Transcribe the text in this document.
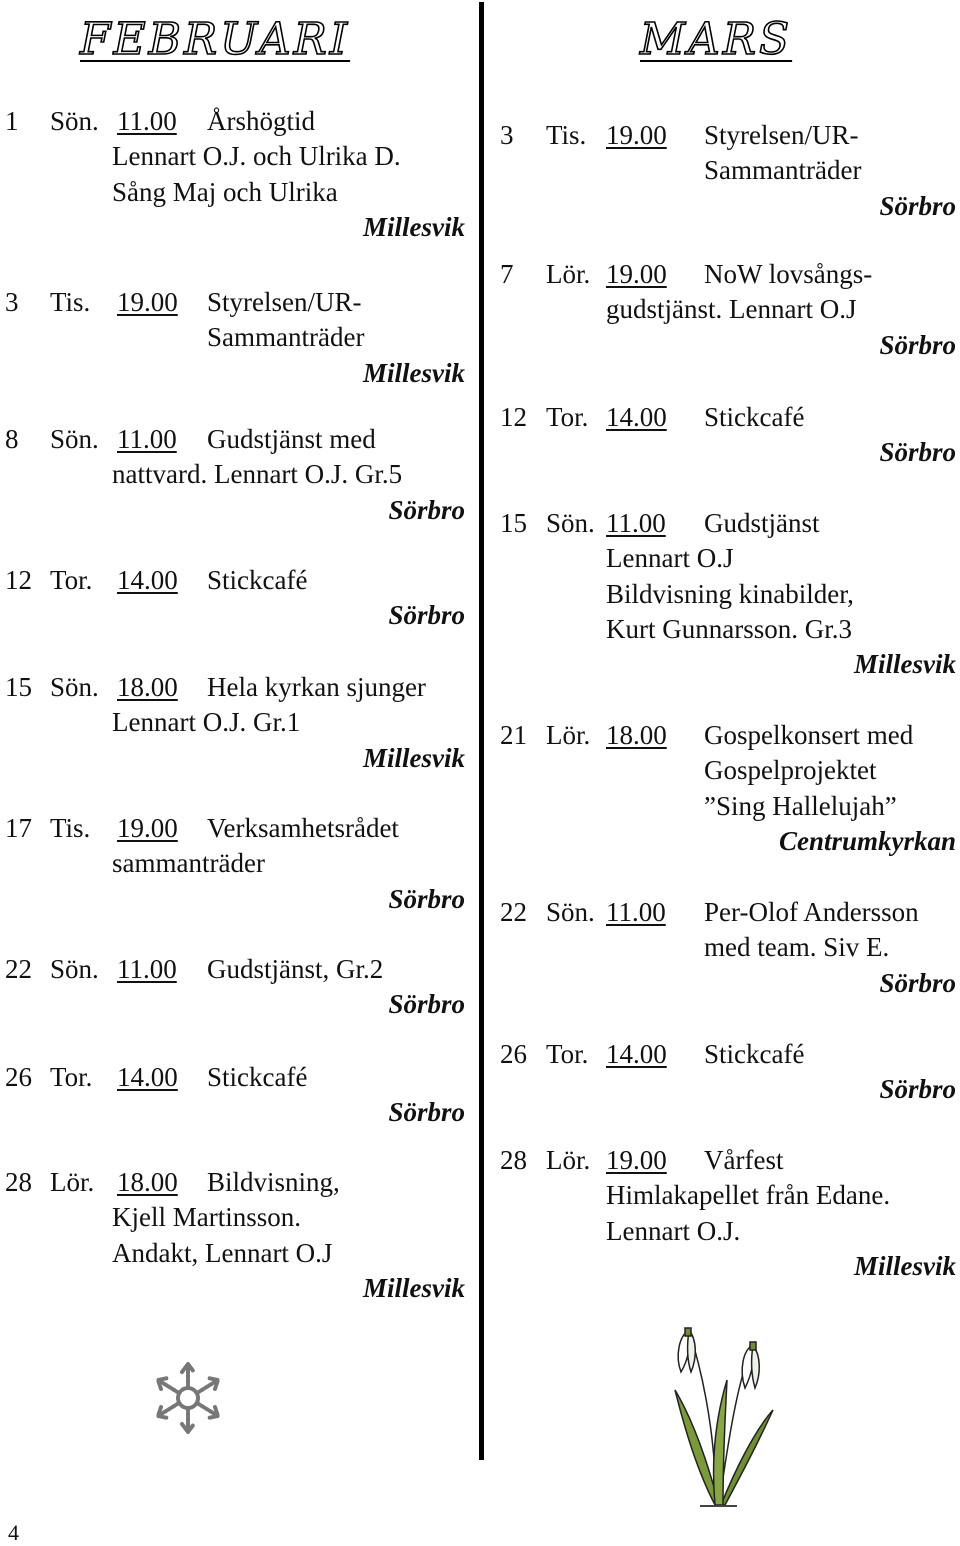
FEBRUARI	MARS
1 Sön. 11.00 Årshögtid
Lennart O.J. och Ulrika D.
Sång Maj och Ulrika
Millesvik
3 Tis. 19.00 Styrelsen/UR-
Sammanträder
Millesvik
8 Sön. 11.00 Gudstjänst med
nattvard. Lennart O.J. Gr.5
Sörbro
12 Tor. 14.00 Stickcafé
Sörbro
15 Sön. 18.00 Hela kyrkan sjunger
Lennart O.J. Gr.1
Millesvik
17 Tis. 19.00 Verksamhetsrådet
sammanträder
Sörbro
22 Sön. 11.00 Gudstjänst, Gr.2
Sörbro
26 Tor. 14.00 Stickcafé
Sörbro
28 Lör. 18.00 Bildvisning,
Kjell Martinsson.
Andakt, Lennart O.J
Millesvik
3 Tis. 19.00 Styrelsen/UR-
Sammanträder
Sörbro
7 Lör. 19.00 NoW lovsångs-
gudstjänst. Lennart O.J
Sörbro
12 Tor. 14.00 Stickcafé
Sörbro
15 Sön. 11.00 Gudstjänst
Lennart O.J
Bildvisning kinabilder,
Kurt Gunnarsson. Gr.3
Millesvik
21 Lör. 18.00 Gospelkonsert med
Gospelprojektet
”Sing Hallelujah”
Centrumkyrkan
22 Sön. 11.00 Per-Olof Andersson
med team. Siv E.
Sörbro
26 Tor. 14.00 Stickcafé
Sörbro
28 Lör. 19.00 Vårfest
Himlakapellet från Edane.
Lennart O.J.
Millesvik
4
